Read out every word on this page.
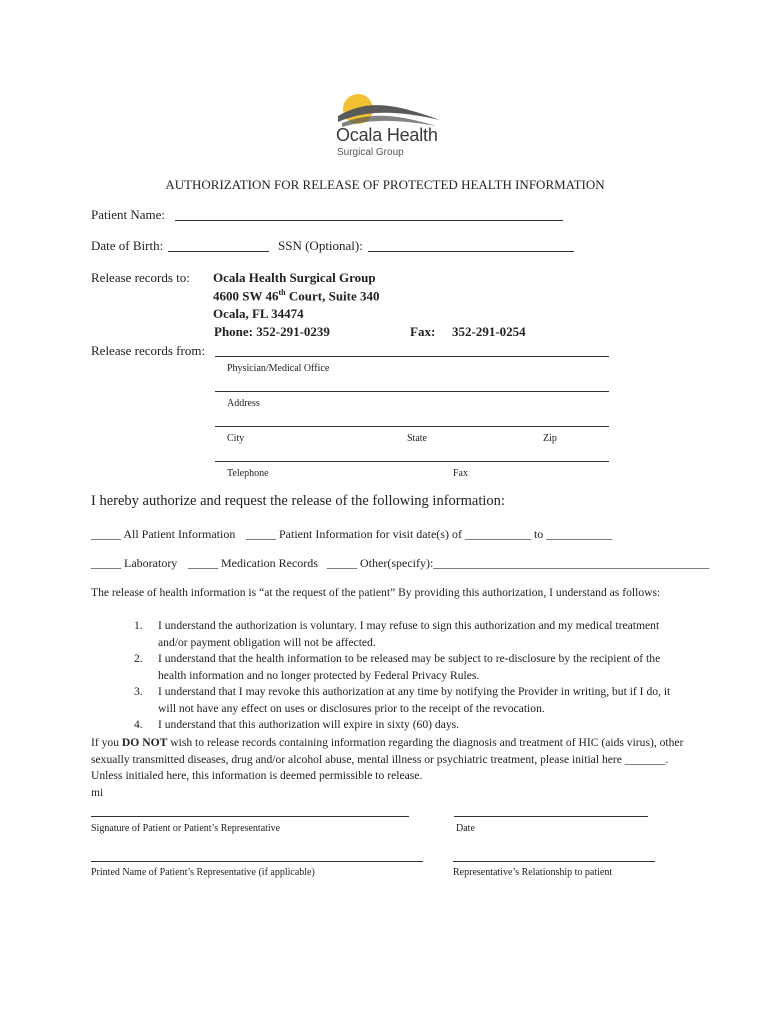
Ocala Health
Surgical Group
AUTHORIZATION FOR RELEASE OF PROTECTED HEALTH INFORMATION
Patient Name:
Date of Birth:	SSN (Optional):
Release records to: Ocala Health Surgical Group
4600 SW 46th Court, Suite 340
Ocala, FL 34474
Phone: 352-291-0239	Fax: 352-291-0254
Release records from:
Physician/Medical Office
Address
City	State	Zip
Telephone	Fax
I hereby authorize and request the release of the following information:
_____ All Patient Information _____ Patient Information for visit date(s) of ___________ to ___________
_____ Laboratory _____ Medication Records _____ Other(specify):______________________________________________
The release of health information is “at the request of the patient” By providing this authorization, I understand as follows:
1.	I understand the authorization is voluntary. I may refuse to sign this authorization and my medical treatment and/or payment obligation will not be affected.
2.	I understand that the health information to be released may be subject to re-disclosure by the recipient of the health information and no longer protected by Federal Privacy Rules.
3.	I understand that I may revoke this authorization at any time by notifying the Provider in writing, but if I do, it will not have any effect on uses or disclosures prior to the receipt of the revocation.
4.	I understand that this authorization will expire in sixty (60) days.
If you DO NOT wish to release records containing information regarding the diagnosis and treatment of HIC (aids virus), other sexually transmitted diseases, drug and/or alcohol abuse, mental illness or psychiatric treatment, please initial here _______. Unless initialed here, this information is deemed permissible to release.
mi
Signature of Patient or Patient’s Representative	Date
Printed Name of Patient’s Representative (if applicable)	Representative’s Relationship to patient
